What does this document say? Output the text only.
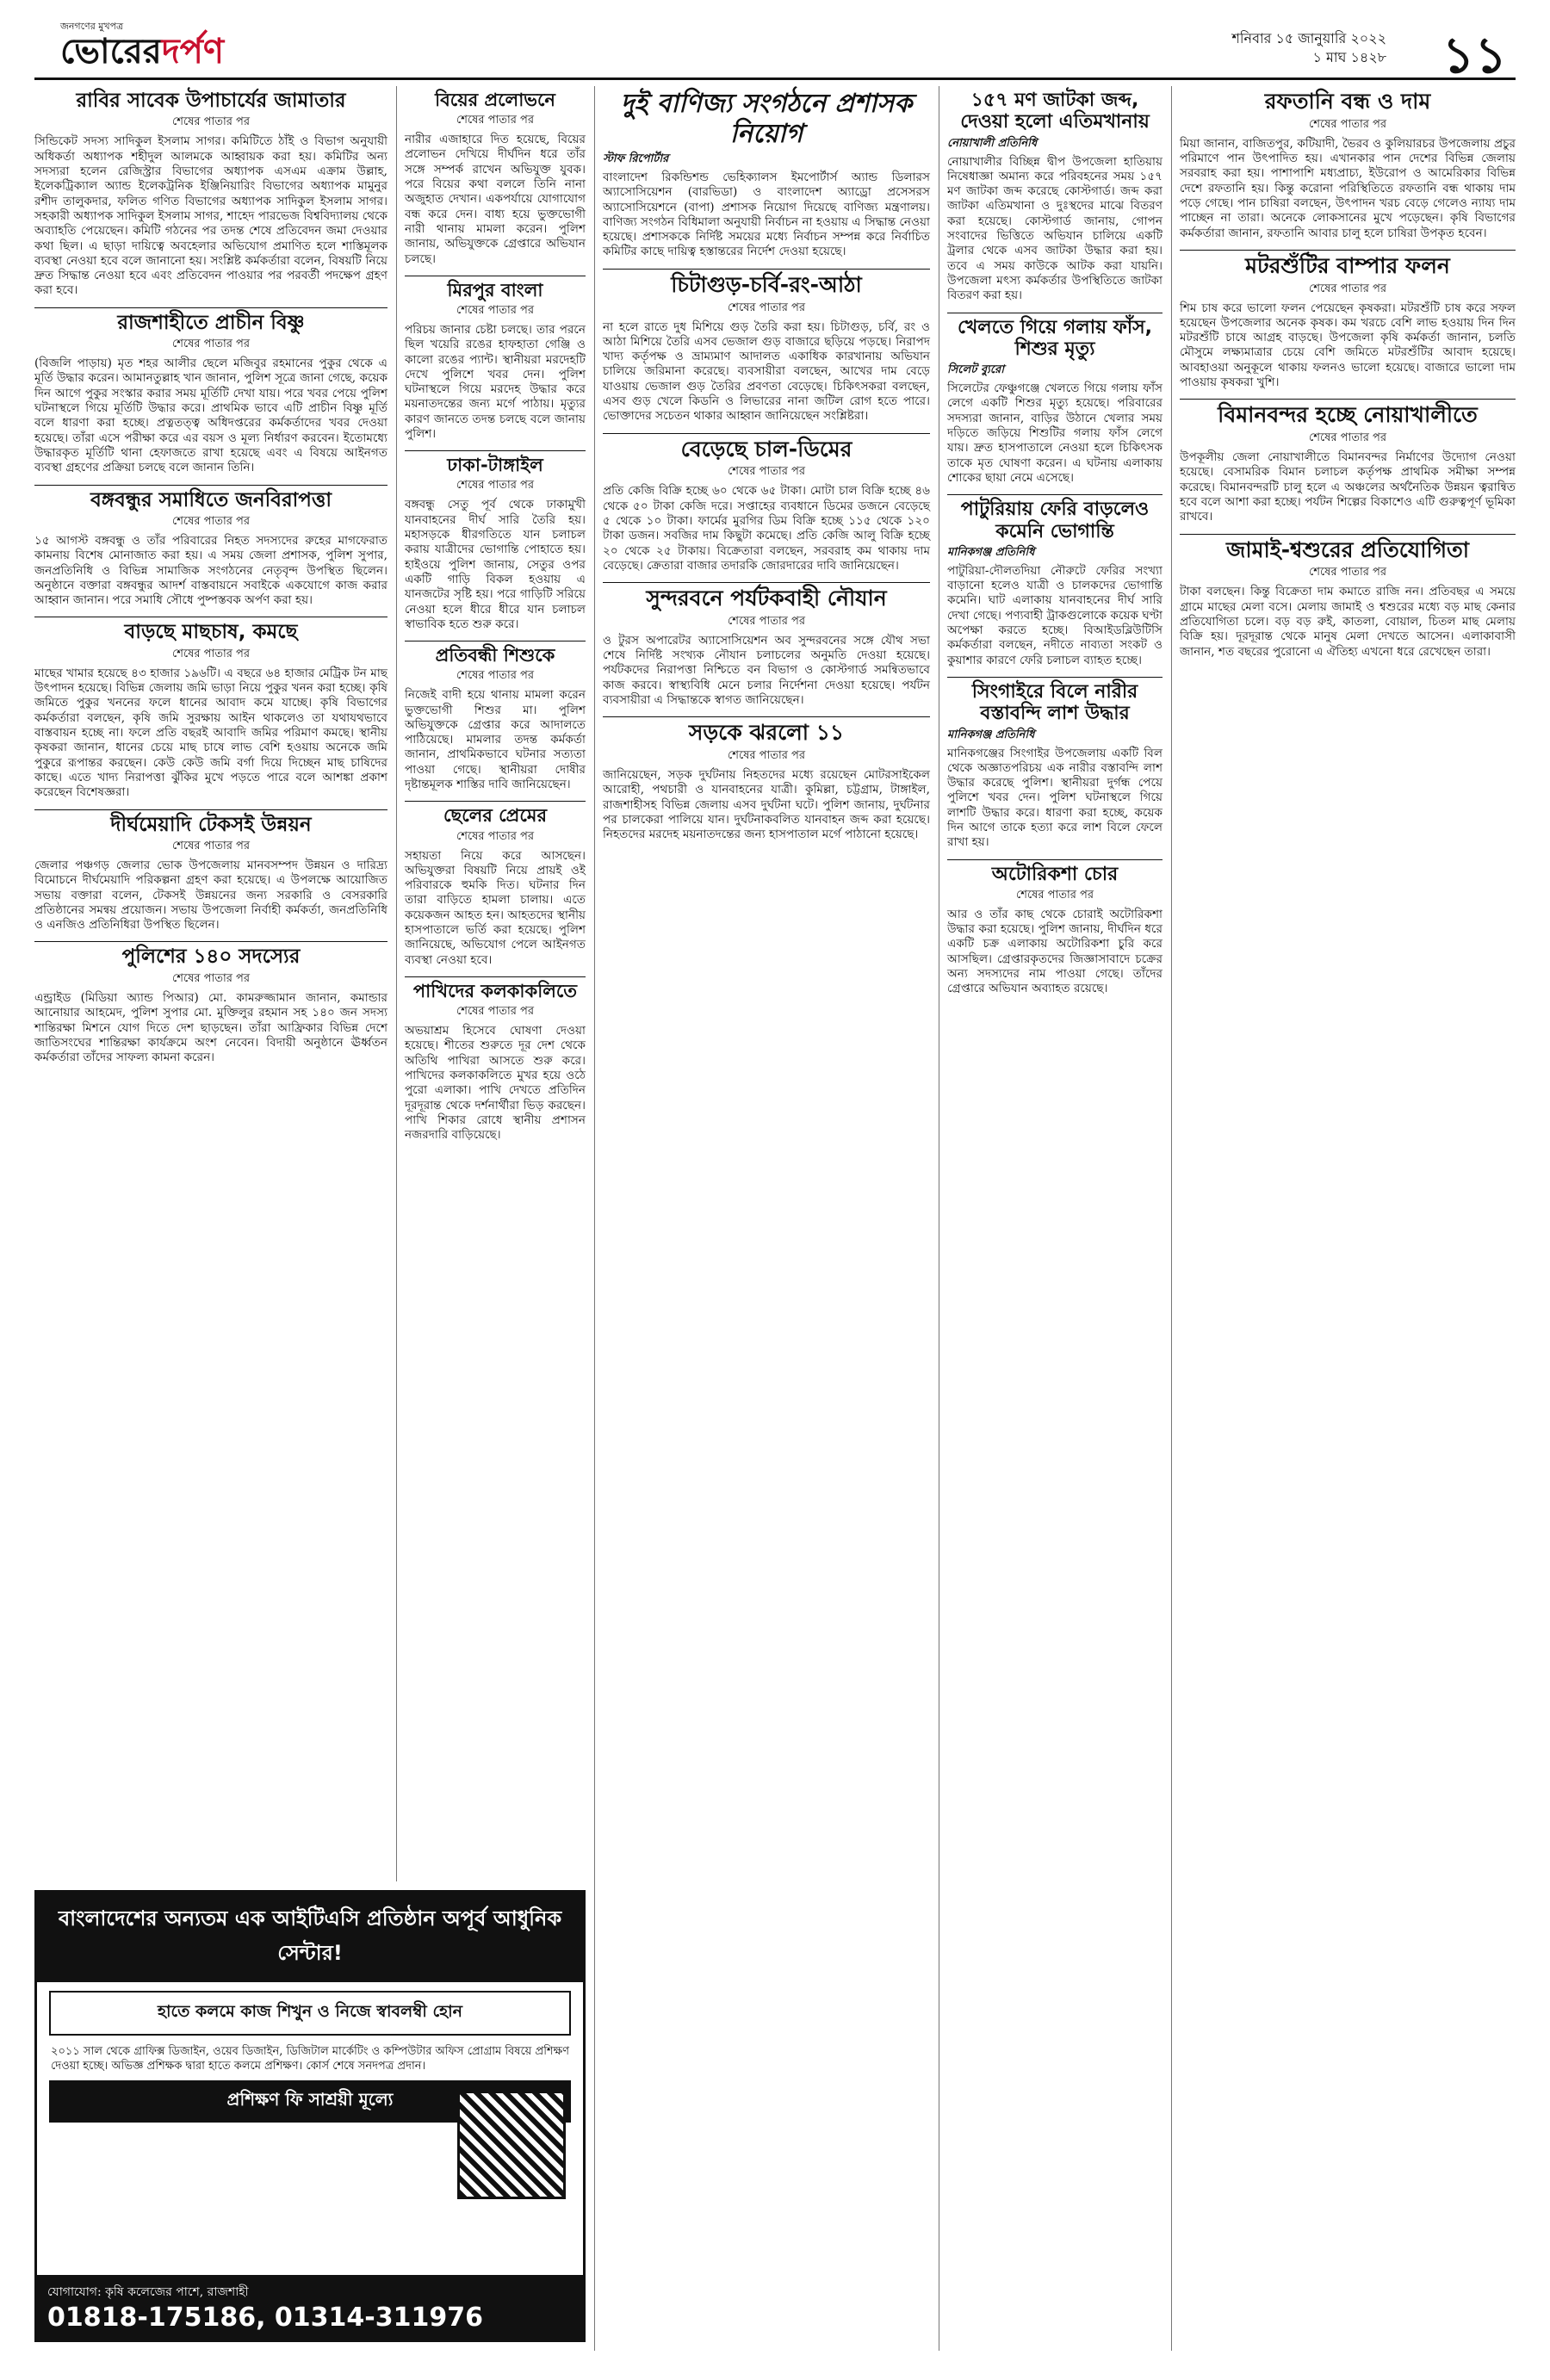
জনগণের মুখপত্র
ভোরেরদর্পণ	শনিবার ১৫ জানুয়ারি ২০২২
১ মাঘ ১৪২৮ ১১
রাবির সাবেক উপাচার্যের জামাতার
শেষের পাতার পর
সিন্ডিকেট সদস্য সাদিকুল ইসলাম সাগর। কমিটিতে ঠাঁই ও বিভাগ অনুযায়ী অধিকর্তা অধ্যাপক শহীদুল আলমকে আহ্বায়ক করা হয়। কমিটির অন্য সদস্যরা হলেন রেজিস্ট্রার বিভাগের অধ্যাপক এসএম এক্রাম উল্লাহ, ইলেকট্রিক্যাল অ্যান্ড ইলেকট্রনিক ইঞ্জিনিয়ারিং বিভাগের অধ্যাপক মামুনুর রশীদ তালুকদার, ফলিত গণিত বিভাগের অধ্যাপক সাদিকুল ইসলাম সাগর। সহকারী অধ্যাপক সাদিকুল ইসলাম সাগর, শাহেদ পারভেজ বিশ্ববিদ্যালয় থেকে অব্যাহতি পেয়েছেন। কমিটি গঠনের পর তদন্ত শেষে প্রতিবেদন জমা দেওয়ার কথা ছিল। এ ছাড়া দায়িত্বে অবহেলার অভিযোগ প্রমাণিত হলে শাস্তিমূলক ব্যবস্থা নেওয়া হবে বলে জানানো হয়। সংশ্লিষ্ট কর্মকর্তারা বলেন, বিষয়টি নিয়ে দ্রুত সিদ্ধান্ত নেওয়া হবে এবং প্রতিবেদন পাওয়ার পর পরবর্তী পদক্ষেপ গ্রহণ করা হবে।
রাজশাহীতে প্রাচীন বিষ্ণু
শেষের পাতার পর
(বিজলি পাড়ায়) মৃত শহর আলীর ছেলে মজিবুর রহমানের পুকুর থেকে এ মূর্তি উদ্ধার করেন। আমানতুল্লাহ খান জানান, পুলিশ সূত্রে জানা গেছে, কয়েক দিন আগে পুকুর সংস্কার করার সময় মূর্তিটি দেখা যায়। পরে খবর পেয়ে পুলিশ ঘটনাস্থলে গিয়ে মূর্তিটি উদ্ধার করে। প্রাথমিক ভাবে এটি প্রাচীন বিষ্ণু মূর্তি বলে ধারণা করা হচ্ছে। প্রত্নতত্ত্ব অধিদপ্তরের কর্মকর্তাদের খবর দেওয়া হয়েছে। তাঁরা এসে পরীক্ষা করে এর বয়স ও মূল্য নির্ধারণ করবেন। ইতোমধ্যে উদ্ধারকৃত মূর্তিটি থানা হেফাজতে রাখা হয়েছে এবং এ বিষয়ে আইনগত ব্যবস্থা গ্রহণের প্রক্রিয়া চলছে বলে জানান তিনি।
বঙ্গবন্ধুর সমাধিতে জনবিরাপত্তা
শেষের পাতার পর
১৫ আগস্ট বঙ্গবন্ধু ও তাঁর পরিবারের নিহত সদস্যদের রুহের মাগফেরাত কামনায় বিশেষ মোনাজাত করা হয়। এ সময় জেলা প্রশাসক, পুলিশ সুপার, জনপ্রতিনিধি ও বিভিন্ন সামাজিক সংগঠনের নেতৃবৃন্দ উপস্থিত ছিলেন। অনুষ্ঠানে বক্তারা বঙ্গবন্ধুর আদর্শ বাস্তবায়নে সবাইকে একযোগে কাজ করার আহ্বান জানান। পরে সমাধি সৌধে পুষ্পস্তবক অর্পণ করা হয়।
বাড়ছে মাছচাষ, কমছে
শেষের পাতার পর
মাছের খামার হয়েছে ৪৩ হাজার ১৯৬টি। এ বছরে ৬৪ হাজার মেট্রিক টন মাছ উৎপাদন হয়েছে। বিভিন্ন জেলায় জমি ভাড়া নিয়ে পুকুর খনন করা হচ্ছে। কৃষি জমিতে পুকুর খননের ফলে ধানের আবাদ কমে যাচ্ছে। কৃষি বিভাগের কর্মকর্তারা বলছেন, কৃষি জমি সুরক্ষায় আইন থাকলেও তা যথাযথভাবে বাস্তবায়ন হচ্ছে না। ফলে প্রতি বছরই আবাদি জমির পরিমাণ কমছে। স্থানীয় কৃষকরা জানান, ধানের চেয়ে মাছ চাষে লাভ বেশি হওয়ায় অনেকে জমি পুকুরে রূপান্তর করছেন। কেউ কেউ জমি বর্গা দিয়ে দিচ্ছেন মাছ চাষিদের কাছে। এতে খাদ্য নিরাপত্তা ঝুঁকির মুখে পড়তে পারে বলে আশঙ্কা প্রকাশ করেছেন বিশেষজ্ঞরা।
দীর্ঘমেয়াদি টেকসই উন্নয়ন
শেষের পাতার পর
জেলার পঞ্চগড় জেলার ভোক উপজেলায় মানবসম্পদ উন্নয়ন ও দারিদ্র্য বিমোচনে দীর্ঘমেয়াদি পরিকল্পনা গ্রহণ করা হয়েছে। এ উপলক্ষে আয়োজিত সভায় বক্তারা বলেন, টেকসই উন্নয়নের জন্য সরকারি ও বেসরকারি প্রতিষ্ঠানের সমন্বয় প্রয়োজন। সভায় উপজেলা নির্বাহী কর্মকর্তা, জনপ্রতিনিধি ও এনজিও প্রতিনিধিরা উপস্থিত ছিলেন।
পুলিশের ১৪০ সদস্যের
শেষের পাতার পর
এন্ড্রাইড (মিডিয়া অ্যান্ড পিআর) মো. কামরুজ্জামান জানান, কমান্ডার আনোয়ার আহমেদ, পুলিশ সুপার মো. মুক্তিলুর রহমান সহ ১৪০ জন সদস্য শান্তিরক্ষা মিশনে যোগ দিতে দেশ ছাড়ছেন। তাঁরা আফ্রিকার বিভিন্ন দেশে জাতিসংঘের শান্তিরক্ষা কার্যক্রমে অংশ নেবেন। বিদায়ী অনুষ্ঠানে ঊর্ধ্বতন কর্মকর্তারা তাঁদের সাফল্য কামনা করেন।
বিয়ের প্রলোভনে
শেষের পাতার পর
নারীর এজাহারে দিত হয়েছে, বিয়ের প্রলোভন দেখিয়ে দীর্ঘদিন ধরে তাঁর সঙ্গে সম্পর্ক রাখেন অভিযুক্ত যুবক। পরে বিয়ের কথা বললে তিনি নানা অজুহাত দেখান। একপর্যায়ে যোগাযোগ বন্ধ করে দেন। বাধ্য হয়ে ভুক্তভোগী নারী থানায় মামলা করেন। পুলিশ জানায়, অভিযুক্তকে গ্রেপ্তারে অভিযান চলছে।
মিরপুর বাংলা
শেষের পাতার পর
পরিচয় জানার চেষ্টা চলছে। তার পরনে ছিল খয়েরি রঙের হাফহাতা গেঞ্জি ও কালো রঙের প্যান্ট। স্থানীয়রা মরদেহটি দেখে পুলিশে খবর দেন। পুলিশ ঘটনাস্থলে গিয়ে মরদেহ উদ্ধার করে ময়নাতদন্তের জন্য মর্গে পাঠায়। মৃত্যুর কারণ জানতে তদন্ত চলছে বলে জানায় পুলিশ।
ঢাকা-টাঙ্গাইল
শেষের পাতার পর
বঙ্গবন্ধু সেতু পূর্ব থেকে ঢাকামুখী যানবাহনের দীর্ঘ সারি তৈরি হয়। মহাসড়কে ধীরগতিতে যান চলাচল করায় যাত্রীদের ভোগান্তি পোহাতে হয়। হাইওয়ে পুলিশ জানায়, সেতুর ওপর একটি গাড়ি বিকল হওয়ায় এ যানজটের সৃষ্টি হয়। পরে গাড়িটি সরিয়ে নেওয়া হলে ধীরে ধীরে যান চলাচল স্বাভাবিক হতে শুরু করে।
প্রতিবন্ধী শিশুকে
শেষের পাতার পর
নিজেই বাদী হয়ে থানায় মামলা করেন ভুক্তভোগী শিশুর মা। পুলিশ অভিযুক্তকে গ্রেপ্তার করে আদালতে পাঠিয়েছে। মামলার তদন্ত কর্মকর্তা জানান, প্রাথমিকভাবে ঘটনার সত্যতা পাওয়া গেছে। স্থানীয়রা দোষীর দৃষ্টান্তমূলক শাস্তির দাবি জানিয়েছেন।
ছেলের প্রেমের
শেষের পাতার পর
সহায়তা নিয়ে করে আসছেন। অভিযুক্তরা বিষয়টি নিয়ে প্রায়ই ওই পরিবারকে হুমকি দিত। ঘটনার দিন তারা বাড়িতে হামলা চালায়। এতে কয়েকজন আহত হন। আহতদের স্থানীয় হাসপাতালে ভর্তি করা হয়েছে। পুলিশ জানিয়েছে, অভিযোগ পেলে আইনগত ব্যবস্থা নেওয়া হবে।
পাখিদের কলকাকলিতে
শেষের পাতার পর
অভয়াশ্রম হিসেবে ঘোষণা দেওয়া হয়েছে। শীতের শুরুতে দূর দেশ থেকে অতিথি পাখিরা আসতে শুরু করে। পাখিদের কলকাকলিতে মুখর হয়ে ওঠে পুরো এলাকা। পাখি দেখতে প্রতিদিন দূরদূরান্ত থেকে দর্শনার্থীরা ভিড় করছেন। পাখি শিকার রোধে স্থানীয় প্রশাসন নজরদারি বাড়িয়েছে।
দুই বাণিজ্য সংগঠনে প্রশাসক নিয়োগ
স্টাফ রিপোর্টার
বাংলাদেশ রিকন্ডিশন্ড ভেহিক্যালস ইমপোর্টার্স অ্যান্ড ডিলারস অ্যাসোসিয়েশন (বারভিডা) ও বাংলাদেশ অ্যাড্রো প্রসেসরস অ্যাসোসিয়েশনে (বাপা) প্রশাসক নিয়োগ দিয়েছে বাণিজ্য মন্ত্রণালয়। বাণিজ্য সংগঠন বিধিমালা অনুযায়ী নির্বাচন না হওয়ায় এ সিদ্ধান্ত নেওয়া হয়েছে। প্রশাসককে নির্দিষ্ট সময়ের মধ্যে নির্বাচন সম্পন্ন করে নির্বাচিত কমিটির কাছে দায়িত্ব হস্তান্তরের নির্দেশ দেওয়া হয়েছে।
চিটাগুড়-চর্বি-রং-আঠা
শেষের পাতার পর
না হলে রাতে দুধ মিশিয়ে গুড় তৈরি করা হয়। চিটাগুড়, চর্বি, রং ও আঠা মিশিয়ে তৈরি এসব ভেজাল গুড় বাজারে ছড়িয়ে পড়ছে। নিরাপদ খাদ্য কর্তৃপক্ষ ও ভ্রাম্যমাণ আদালত একাধিক কারখানায় অভিযান চালিয়ে জরিমানা করেছে। ব্যবসায়ীরা বলছেন, আখের দাম বেড়ে যাওয়ায় ভেজাল গুড় তৈরির প্রবণতা বেড়েছে। চিকিৎসকরা বলছেন, এসব গুড় খেলে কিডনি ও লিভারের নানা জটিল রোগ হতে পারে। ভোক্তাদের সচেতন থাকার আহ্বান জানিয়েছেন সংশ্লিষ্টরা।
বেড়েছে চাল-ডিমের
শেষের পাতার পর
প্রতি কেজি বিক্রি হচ্ছে ৬০ থেকে ৬৫ টাকা। মোটা চাল বিক্রি হচ্ছে ৪৬ থেকে ৫০ টাকা কেজি দরে। সপ্তাহের ব্যবধানে ডিমের ডজনে বেড়েছে ৫ থেকে ১০ টাকা। ফার্মের মুরগির ডিম বিক্রি হচ্ছে ১১৫ থেকে ১২০ টাকা ডজন। সবজির দাম কিছুটা কমেছে। প্রতি কেজি আলু বিক্রি হচ্ছে ২০ থেকে ২৫ টাকায়। বিক্রেতারা বলছেন, সরবরাহ কম থাকায় দাম বেড়েছে। ক্রেতারা বাজার তদারকি জোরদারের দাবি জানিয়েছেন।
সুন্দরবনে পর্যটকবাহী নৌযান
শেষের পাতার পর
ও টুরস অপারেটর অ্যাসোসিয়েশন অব সুন্দরবনের সঙ্গে যৌথ সভা শেষে নির্দিষ্ট সংখ্যক নৌযান চলাচলের অনুমতি দেওয়া হয়েছে। পর্যটকদের নিরাপত্তা নিশ্চিতে বন বিভাগ ও কোস্টগার্ড সমন্বিতভাবে কাজ করবে। স্বাস্থ্যবিধি মেনে চলার নির্দেশনা দেওয়া হয়েছে। পর্যটন ব্যবসায়ীরা এ সিদ্ধান্তকে স্বাগত জানিয়েছেন।
সড়কে ঝরলো ১১
শেষের পাতার পর
জানিয়েছেন, সড়ক দুর্ঘটনায় নিহতদের মধ্যে রয়েছেন মোটরসাইকেল আরোহী, পথচারী ও যানবাহনের যাত্রী। কুমিল্লা, চট্টগ্রাম, টাঙ্গাইল, রাজশাহীসহ বিভিন্ন জেলায় এসব দুর্ঘটনা ঘটে। পুলিশ জানায়, দুর্ঘটনার পর চালকেরা পালিয়ে যান। দুর্ঘটনাকবলিত যানবাহন জব্দ করা হয়েছে। নিহতদের মরদেহ ময়নাতদন্তের জন্য হাসপাতাল মর্গে পাঠানো হয়েছে।
১৫৭ মণ জাটকা জব্দ, দেওয়া হলো এতিমখানায়
নোয়াখালী প্রতিনিধি
নোয়াখালীর বিচ্ছিন্ন দ্বীপ উপজেলা হাতিয়ায় নিষেধাজ্ঞা অমান্য করে পরিবহনের সময় ১৫৭ মণ জাটকা জব্দ করেছে কোস্টগার্ড। জব্দ করা জাটকা এতিমখানা ও দুঃস্থদের মাঝে বিতরণ করা হয়েছে। কোস্টগার্ড জানায়, গোপন সংবাদের ভিত্তিতে অভিযান চালিয়ে একটি ট্রলার থেকে এসব জাটকা উদ্ধার করা হয়। তবে এ সময় কাউকে আটক করা যায়নি। উপজেলা মৎস্য কর্মকর্তার উপস্থিতিতে জাটকা বিতরণ করা হয়।
খেলতে গিয়ে গলায় ফাঁস, শিশুর মৃত্যু
সিলেট ব্যুরো
সিলেটের ফেঞ্চুগঞ্জে খেলতে গিয়ে গলায় ফাঁস লেগে একটি শিশুর মৃত্যু হয়েছে। পরিবারের সদস্যরা জানান, বাড়ির উঠানে খেলার সময় দড়িতে জড়িয়ে শিশুটির গলায় ফাঁস লেগে যায়। দ্রুত হাসপাতালে নেওয়া হলে চিকিৎসক তাকে মৃত ঘোষণা করেন। এ ঘটনায় এলাকায় শোকের ছায়া নেমে এসেছে।
পাটুরিয়ায় ফেরি বাড়লেও কমেনি ভোগান্তি
মানিকগঞ্জ প্রতিনিধি
পাটুরিয়া-দৌলতদিয়া নৌরুটে ফেরির সংখ্যা বাড়ানো হলেও যাত্রী ও চালকদের ভোগান্তি কমেনি। ঘাট এলাকায় যানবাহনের দীর্ঘ সারি দেখা গেছে। পণ্যবাহী ট্রাকগুলোকে কয়েক ঘণ্টা অপেক্ষা করতে হচ্ছে। বিআইডব্লিউটিসি কর্মকর্তারা বলছেন, নদীতে নাব্যতা সংকট ও কুয়াশার কারণে ফেরি চলাচল ব্যাহত হচ্ছে।
সিংগাইরে বিলে নারীর বস্তাবন্দি লাশ উদ্ধার
মানিকগঞ্জ প্রতিনিধি
মানিকগঞ্জের সিংগাইর উপজেলায় একটি বিল থেকে অজ্ঞাতপরিচয় এক নারীর বস্তাবন্দি লাশ উদ্ধার করেছে পুলিশ। স্থানীয়রা দুর্গন্ধ পেয়ে পুলিশে খবর দেন। পুলিশ ঘটনাস্থলে গিয়ে লাশটি উদ্ধার করে। ধারণা করা হচ্ছে, কয়েক দিন আগে তাকে হত্যা করে লাশ বিলে ফেলে রাখা হয়।
অটোরিকশা চোর
শেষের পাতার পর
আর ও তাঁর কাছ থেকে চোরাই অটোরিকশা উদ্ধার করা হয়েছে। পুলিশ জানায়, দীর্ঘদিন ধরে একটি চক্র এলাকায় অটোরিকশা চুরি করে আসছিল। গ্রেপ্তারকৃতদের জিজ্ঞাসাবাদে চক্রের অন্য সদস্যদের নাম পাওয়া গেছে। তাঁদের গ্রেপ্তারে অভিযান অব্যাহত রয়েছে।
রফতানি বন্ধ ও দাম
শেষের পাতার পর
মিয়া জানান, বাজিতপুর, কটিয়াদী, ভৈরব ও কুলিয়ারচর উপজেলায় প্রচুর পরিমাণে পান উৎপাদিত হয়। এখানকার পান দেশের বিভিন্ন জেলায় সরবরাহ করা হয়। পাশাপাশি মধ্যপ্রাচ্য, ইউরোপ ও আমেরিকার বিভিন্ন দেশে রফতানি হয়। কিন্তু করোনা পরিস্থিতিতে রফতানি বন্ধ থাকায় দাম পড়ে গেছে। পান চাষিরা বলছেন, উৎপাদন খরচ বেড়ে গেলেও ন্যায্য দাম পাচ্ছেন না তারা। অনেকে লোকসানের মুখে পড়েছেন। কৃষি বিভাগের কর্মকর্তারা জানান, রফতানি আবার চালু হলে চাষিরা উপকৃত হবেন।
মটরশুঁটির বাম্পার ফলন
শেষের পাতার পর
শিম চাষ করে ভালো ফলন পেয়েছেন কৃষকরা। মটরশুঁটি চাষ করে সফল হয়েছেন উপজেলার অনেক কৃষক। কম খরচে বেশি লাভ হওয়ায় দিন দিন মটরশুঁটি চাষে আগ্রহ বাড়ছে। উপজেলা কৃষি কর্মকর্তা জানান, চলতি মৌসুমে লক্ষ্যমাত্রার চেয়ে বেশি জমিতে মটরশুঁটির আবাদ হয়েছে। আবহাওয়া অনুকূলে থাকায় ফলনও ভালো হয়েছে। বাজারে ভালো দাম পাওয়ায় কৃষকরা খুশি।
বিমানবন্দর হচ্ছে নোয়াখালীতে
শেষের পাতার পর
উপকূলীয় জেলা নোয়াখালীতে বিমানবন্দর নির্মাণের উদ্যোগ নেওয়া হয়েছে। বেসামরিক বিমান চলাচল কর্তৃপক্ষ প্রাথমিক সমীক্ষা সম্পন্ন করেছে। বিমানবন্দরটি চালু হলে এ অঞ্চলের অর্থনৈতিক উন্নয়ন ত্বরান্বিত হবে বলে আশা করা হচ্ছে। পর্যটন শিল্পের বিকাশেও এটি গুরুত্বপূর্ণ ভূমিকা রাখবে।
জামাই-শ্বশুরের প্রতিযোগিতা
শেষের পাতার পর
টাকা বলছেন। কিন্তু বিক্রেতা দাম কমাতে রাজি নন। প্রতিবছর এ সময়ে গ্রামে মাছের মেলা বসে। মেলায় জামাই ও শ্বশুরের মধ্যে বড় মাছ কেনার প্রতিযোগিতা চলে। বড় বড় রুই, কাতলা, বোয়াল, চিতল মাছ মেলায় বিক্রি হয়। দূরদূরান্ত থেকে মানুষ মেলা দেখতে আসেন। এলাকাবাসী জানান, শত বছরের পুরোনো এ ঐতিহ্য এখনো ধরে রেখেছেন তারা।
বাংলাদেশের অন্যতম এক আইটিএসি প্রতিষ্ঠান অপূর্ব আধুনিক সেন্টার!
হাতে কলমে কাজ শিখুন ও নিজে স্বাবলম্বী হোন
২০১১ সাল থেকে গ্রাফিক্স ডিজাইন, ওয়েব ডিজাইন, ডিজিটাল মার্কেটিং ও কম্পিউটার অফিস প্রোগ্রাম বিষয়ে প্রশিক্ষণ দেওয়া হচ্ছে। অভিজ্ঞ প্রশিক্ষক দ্বারা হাতে কলমে প্রশিক্ষণ। কোর্স শেষে সনদপত্র প্রদান।
প্রশিক্ষণ ফি সাশ্রয়ী মূল্যে
যোগাযোগ: কৃষি কলেজের পাশে, রাজশাহী
01818-175186, 01314-311976
